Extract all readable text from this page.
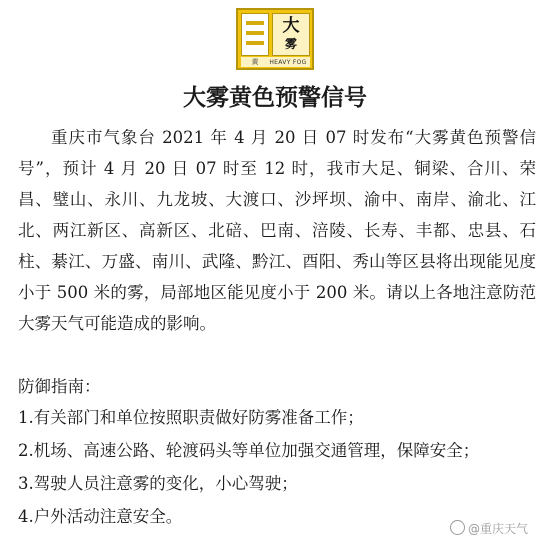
大
雾
黄 HEAVY FOG
大雾黄色预警信号

重庆市气象台 2021 年 4 月 20 日 07 时发布“大雾黄色预警信号”，预计 4 月 20 日 07 时至 12 时，我市大足、铜梁、合川、荣昌、璧山、永川、九龙坡、大渡口、沙坪坝、渝中、南岸、渝北、江北、两江新区、高新区、北碚、巴南、涪陵、长寿、丰都、忠县、石柱、綦江、万盛、南川、武隆、黔江、酉阳、秀山等区县将出现能见度小于 500 米的雾，局部地区能见度小于 200 米。请以上各地注意防范大雾天气可能造成的影响。

防御指南：

1.有关部门和单位按照职责做好防雾准备工作；
2.机场、高速公路、轮渡码头等单位加强交通管理，保障安全；
3.驾驶人员注意雾的变化，小心驾驶；
4.户外活动注意安全。
@重庆天气
